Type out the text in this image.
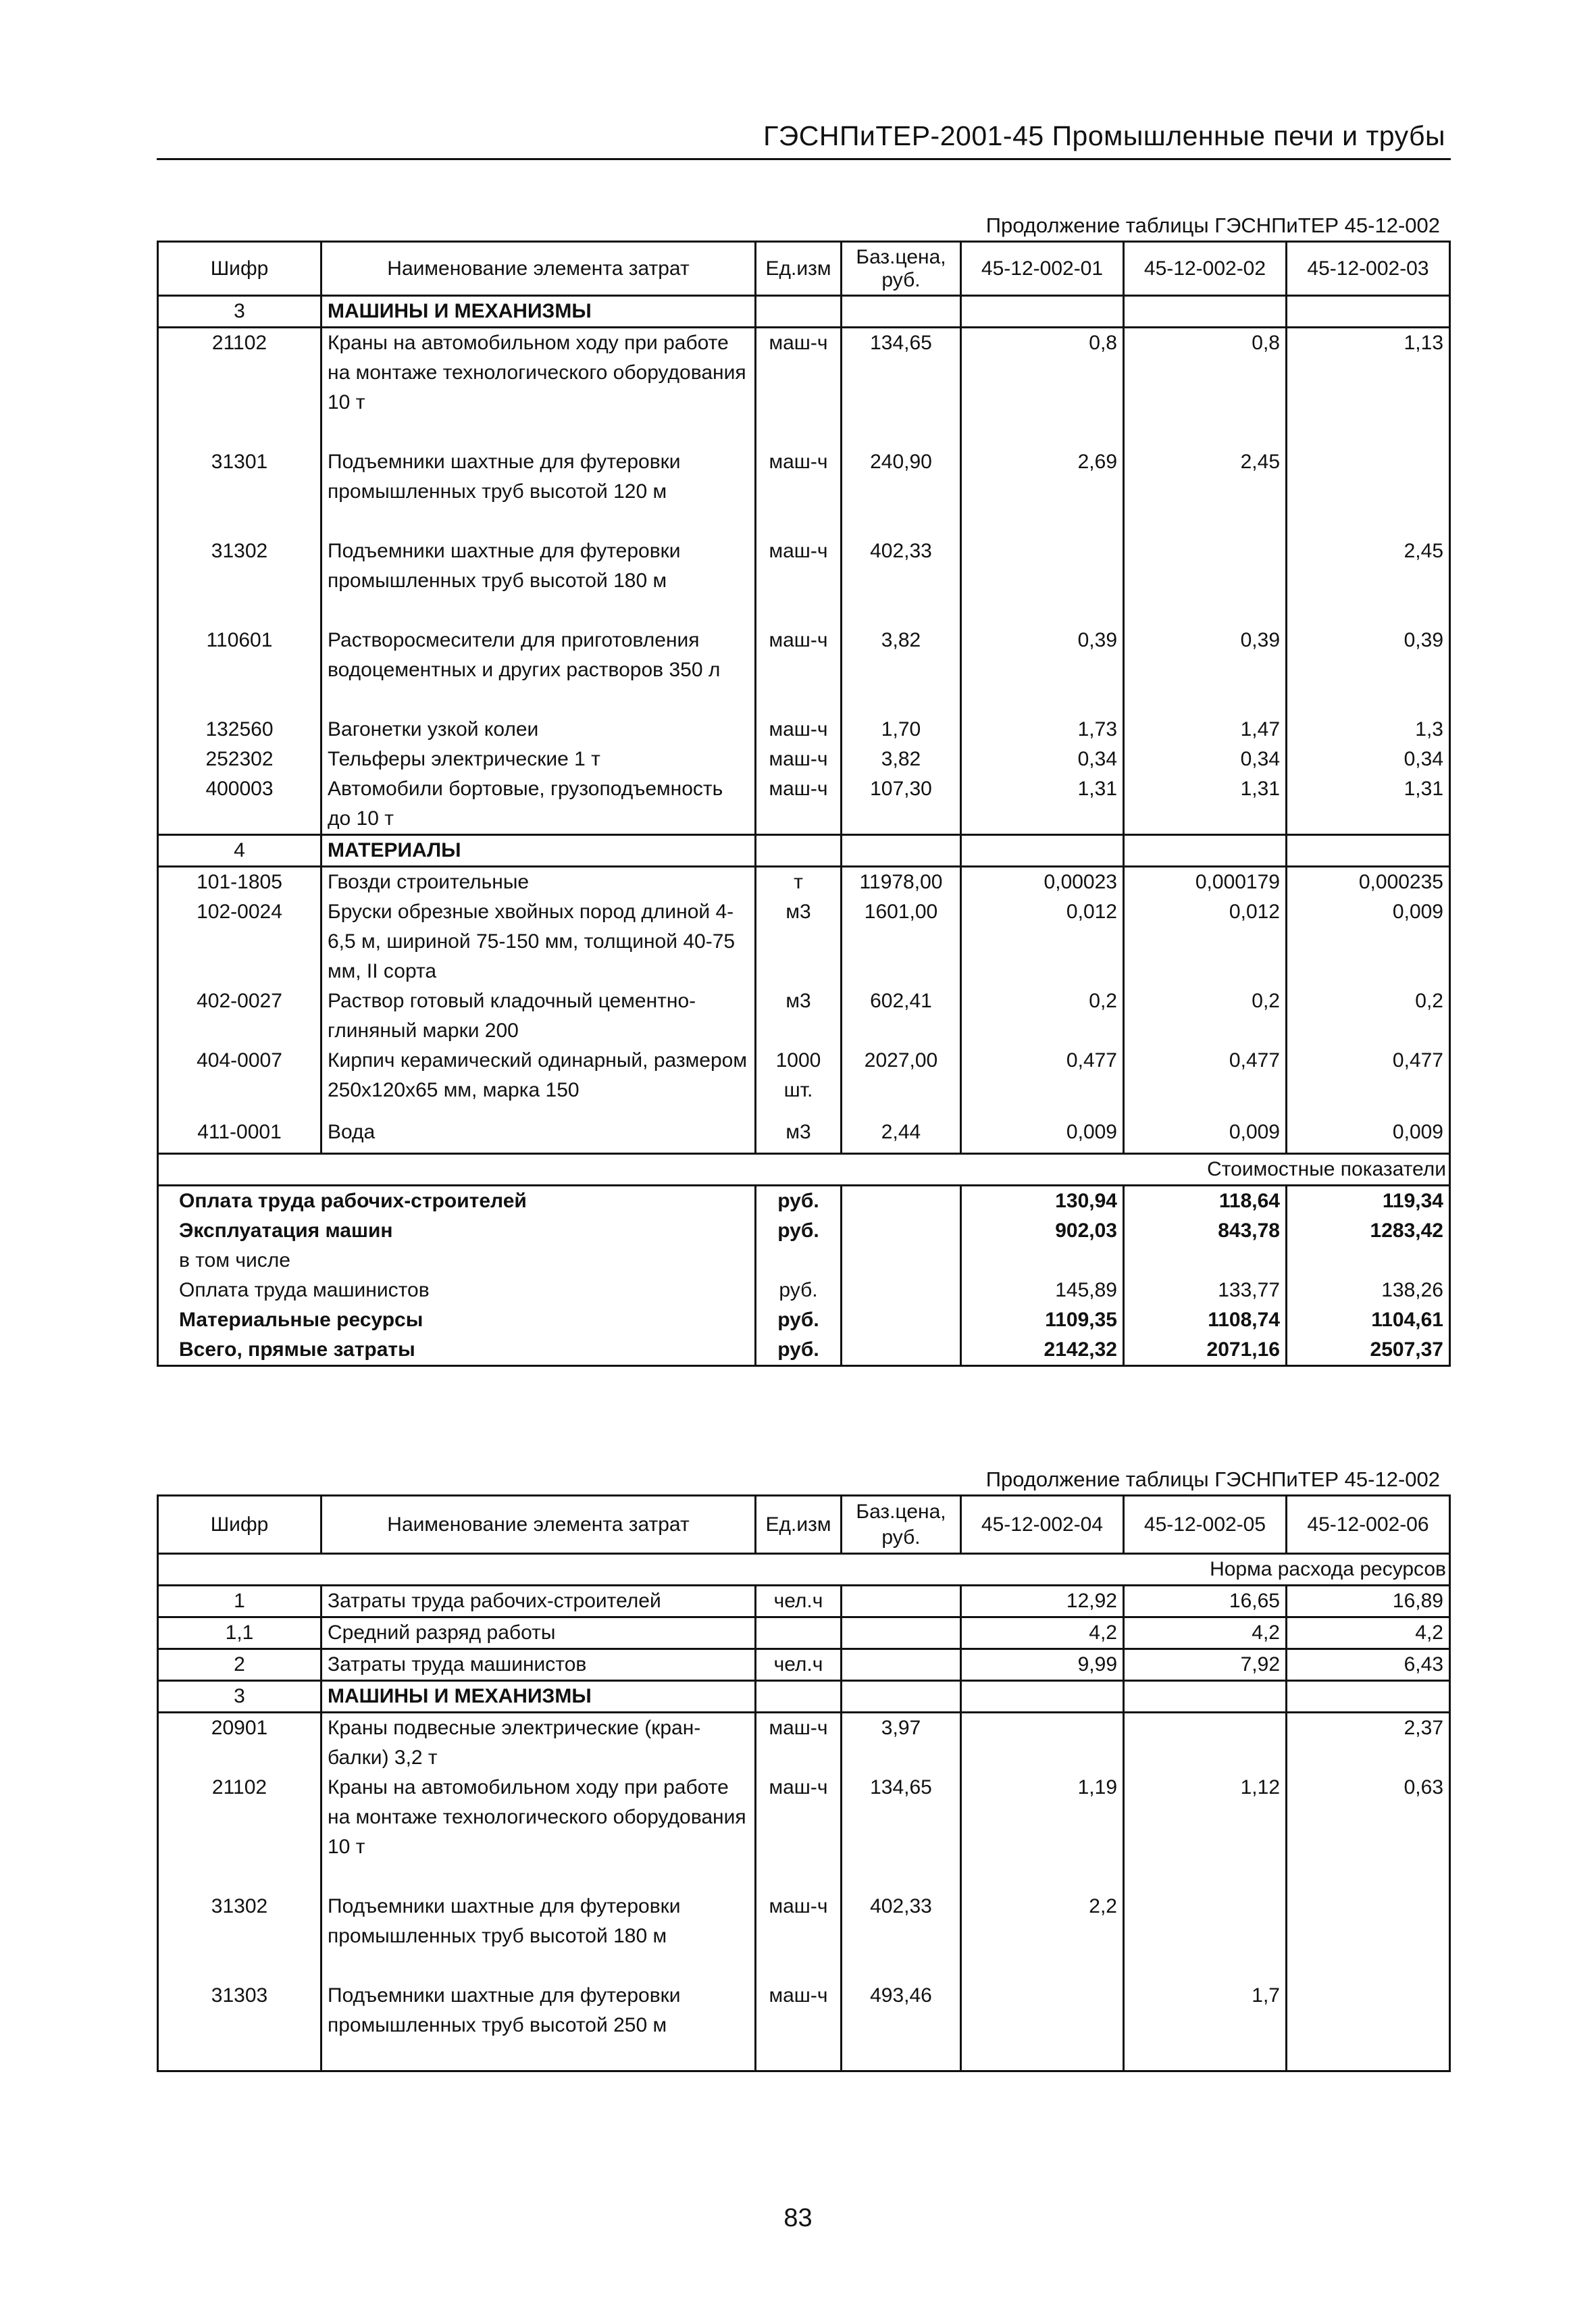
ГЭСНПиТЕР-2001-45 Промышленные печи и трубы
Продолжение таблицы ГЭСНПиТЕР 45-12-002
Шифр	Наименование элемента затрат	Ед.изм	Баз.цена, руб.	45-12-002-01	45-12-002-02	45-12-002-03
3	МАШИНЫ И МЕХАНИЗМЫ					
21102	Краны на автомобильном ходу при работе на монтаже технологического оборудования 10 т	маш-ч	134,65	0,8	0,8	1,13

31301	Подъемники шахтные для футеровки промышленных труб высотой 120 м	маш-ч	240,90	2,69	2,45	

31302	Подъемники шахтные для футеровки промышленных труб высотой 180 м	маш-ч	402,33			2,45

110601	Растворосмесители для приготовления водоцементных и других растворов 350 л	маш-ч	3,82	0,39	0,39	0,39

132560	Вагонетки узкой колеи	маш-ч	1,70	1,73	1,47	1,3
252302	Тельферы электрические 1 т	маш-ч	3,82	0,34	0,34	0,34
400003	Автомобили бортовые, грузоподъемность до 10 т	маш-ч	107,30	1,31	1,31	1,31
4	МАТЕРИАЛЫ					
101-1805	Гвозди строительные	т	11978,00	0,00023	0,000179	0,000235
102-0024	Бруски обрезные хвойных пород длиной 4-6,5 м, шириной 75-150 мм, толщиной 40-75 мм, II сорта	м3	1601,00	0,012	0,012	0,009
402-0027	Раствор готовый кладочный цементно-глиняный марки 200	м3	602,41	0,2	0,2	0,2
404-0007	Кирпич керамический одинарный, размером 250х120х65 мм, марка 150	1000 шт.	2027,00	0,477	0,477	0,477

411-0001	Вода	м3	2,44	0,009	0,009	0,009

Стоимостные показатели						
Оплата труда рабочих-строителей		руб.		130,94	118,64	119,34
Эксплуатация машин		руб.		902,03	843,78	1283,42
в том числе						
Оплата труда машинистов		руб.		145,89	133,77	138,26
Материальные ресурсы		руб.		1109,35	1108,74	1104,61
Всего, прямые затраты		руб.		2142,32	2071,16	2507,37
Продолжение таблицы ГЭСНПиТЕР 45-12-002
Шифр	Наименование элемента затрат	Ед.изм	Баз.цена, руб.	45-12-002-04	45-12-002-05	45-12-002-06
Норма расхода ресурсов						
1	Затраты труда рабочих-строителей	чел.ч		12,92	16,65	16,89
1,1	Средний разряд работы			4,2	4,2	4,2
2	Затраты труда машинистов	чел.ч		9,99	7,92	6,43
3	МАШИНЫ И МЕХАНИЗМЫ					
20901	Краны подвесные электрические (кран-балки) 3,2 т	маш-ч	3,97			2,37
21102	Краны на автомобильном ходу при работе на монтаже технологического оборудования 10 т	маш-ч	134,65	1,19	1,12	0,63

31302	Подъемники шахтные для футеровки промышленных труб высотой 180 м	маш-ч	402,33	2,2		

31303	Подъемники шахтные для футеровки промышленных труб высотой 250 м	маш-ч	493,46		1,7	

83
